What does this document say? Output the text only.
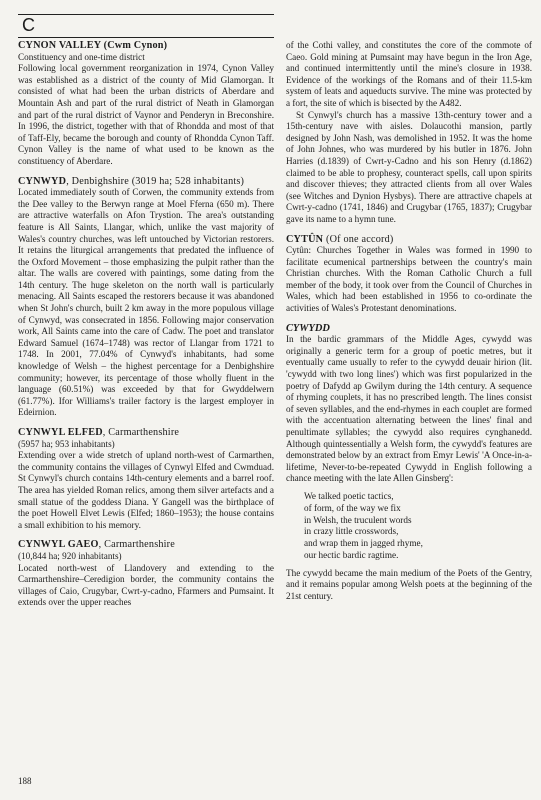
C
CYNON VALLEY (Cwm Cynon)
Constituency and one-time district

Following local government reorganization in 1974, Cynon Valley was established as a district of the county of Mid Glamorgan. It consisted of what had been the urban districts of Aberdare and Mountain Ash and part of the rural district of Neath in Glamorgan and part of the rural district of Vaynor and Penderyn in Breconshire. In 1996, the district, together with that of Rhondda and most of that of Taff-Ely, became the borough and county of Rhondda Cynon Taff. Cynon Valley is the name of what used to be known as the constituency of Aberdare.

CYNWYD, Denbighshire (3019 ha; 528 inhabitants)

Located immediately south of Corwen, the community extends from the Dee valley to the Berwyn range at Moel Fferna (650 m). There are attractive waterfalls on Afon Trystion. The area's outstanding feature is All Saints, Llangar, which, unlike the vast majority of Wales's country churches, was left untouched by Victorian restorers. It retains the liturgical arrangements that predated the influence of the Oxford Movement – those emphasizing the pulpit rather than the altar. The walls are covered with paintings, some dating from the 14th century. The huge skeleton on the north wall is particularly menacing. All Saints escaped the restorers because it was abandoned when St John's church, built 2 km away in the more populous village of Cynwyd, was consecrated in 1856. Following major conservation work, All Saints came into the care of Cadw. The poet and translator Edward Samuel (1674–1748) was rector of Llangar from 1721 to 1748. In 2001, 77.04% of Cynwyd's inhabitants, had some knowledge of Welsh – the highest percentage for a Denbighshire community; however, its percentage of those wholly fluent in the language (60.51%) was exceeded by that for Gwyddelwern (61.77%). Ifor Williams's trailer factory is the largest employer in Edeirnion.

CYNWYL ELFED, Carmarthenshire
(5957 ha; 953 inhabitants)

Extending over a wide stretch of upland north-west of Carmarthen, the community contains the villages of Cynwyl Elfed and Cwmduad. St Cynwyl's church contains 14th-century elements and a barrel roof. The area has yielded Roman relics, among them silver artefacts and a small statue of the goddess Diana. Y Gangell was the birthplace of the poet Howell Elvet Lewis (Elfed; 1860–1953); the house contains a small exhibition to his memory.

CYNWYL GAEO, Carmarthenshire
(10,844 ha; 920 inhabitants)

Located north-west of Llandovery and extending to the Carmarthenshire–Ceredigion border, the community contains the villages of Caio, Crugybar, Cwrt-y-cadno, Ffarmers and Pumsaint. It extends over the upper reaches

of the Cothi valley, and constitutes the core of the commote of Caeo. Gold mining at Pumsaint may have begun in the Iron Age, and continued intermittently until the mine's closure in 1938. Evidence of the workings of the Romans and of their 11.5-km system of leats and aqueducts survive. The mine was protected by a fort, the site of which is bisected by the A482.

St Cynwyl's church has a massive 13th-century tower and a 15th-century nave with aisles. Dolaucothi mansion, partly designed by John Nash, was demolished in 1952. It was the home of John Johnes, who was murdered by his butler in 1876. John Harries (d.1839) of Cwrt-y-Cadno and his son Henry (d.1862) claimed to be able to prophesy, counteract spells, call upon spirits and discover thieves; they attracted clients from all over Wales (see Witches and Dynion Hysbys). There are attractive chapels at Cwrt-y-cadno (1741, 1846) and Crugybar (1765, 1837); Crugybar gave its name to a hymn tune.

CYTÛN (Of one accord)

Cytûn: Churches Together in Wales was formed in 1990 to facilitate ecumenical partnerships between the country's main Christian churches. With the Roman Catholic Church a full member of the body, it took over from the Council of Churches in Wales, which had been established in 1956 to co-ordinate the activities of Wales's Protestant denominations.

CYWYDD

In the bardic grammars of the Middle Ages, cywydd was originally a generic term for a group of poetic metres, but it eventually came usually to refer to the cywydd deuair hirion (lit. 'cywydd with two long lines') which was first popularized in the poetry of Dafydd ap Gwilym during the 14th century. A sequence of rhyming couplets, it has no prescribed length. The lines consist of seven syllables, and the end-rhymes in each couplet are formed with the accentuation alternating between the lines' final and penultimate syllables; the cywydd also requires cynghanedd. Although quintessentially a Welsh form, the cywydd's features are demonstrated below by an extract from Emyr Lewis' 'A Once-in-a-lifetime, Never-to-be-repeated Cywydd in English following a chance meeting with the late Allen Ginsberg':

We talked poetic tactics,
of form, of the way we fix
in Welsh, the truculent words
in crazy little crosswords,
and wrap them in jagged rhyme,
our hectic bardic ragtime.

The cywydd became the main medium of the Poets of the Gentry, and it remains popular among Welsh poets at the beginning of the 21st century.

188
